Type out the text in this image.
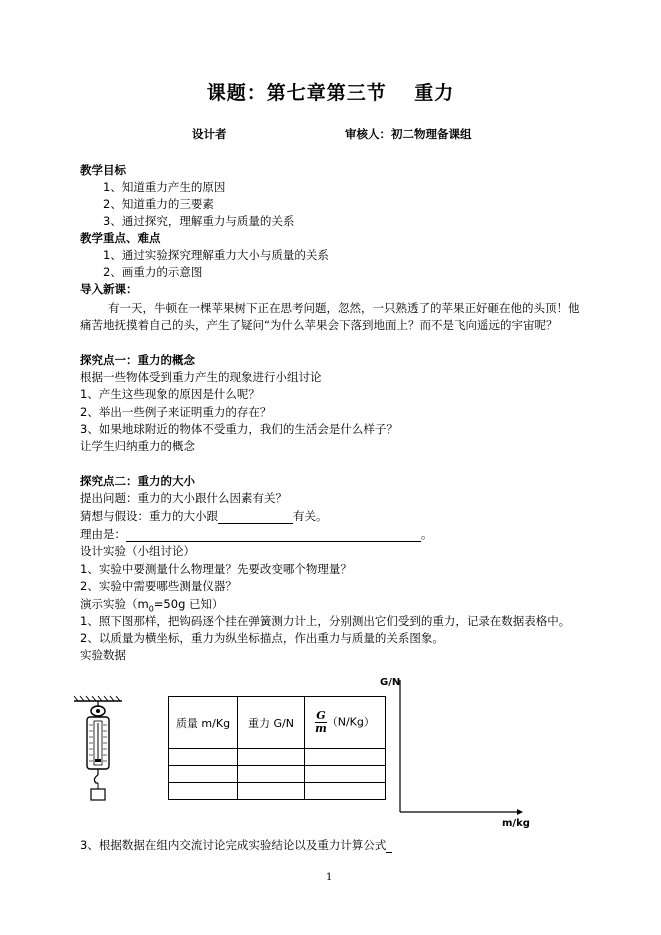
课题：第七章第三节　 重力
设计者	审核人：初二物理备课组
教学目标
1、知道重力产生的原因
2、知道重力的三要素
3、通过探究，理解重力与质量的关系
教学重点、难点
1、通过实验探究理解重力大小与质量的关系
2、画重力的示意图
导入新课：
有一天，牛顿在一棵苹果树下正在思考问题，忽然，一只熟透了的苹果正好砸在他的头顶！他
痛苦地抚摸着自己的头，产生了疑问“为什么苹果会下落到地面上？而不是飞向遥远的宇宙呢？
探究点一：重力的概念
根据一些物体受到重力产生的现象进行小组讨论
1、产生这些现象的原因是什么呢？
2、举出一些例子来证明重力的存在？
3、如果地球附近的物体不受重力，我们的生活会是什么样子？
让学生归纳重力的概念
探究点二：重力的大小
提出问题：重力的大小跟什么因素有关？
猜想与假设：重力的大小跟	有关。
理由是：	。
设计实验（小组讨论）
1、实验中要测量什么物理量？先要改变哪个物理量？
2、实验中需要哪些测量仪器？
演示实验（$m_0=50g$ 已知）
1、照下图那样，把钩码逐个挂在弹簧测力计上，分别测出它们受到的重力，记录在数据表格中。
2、以质量为横坐标，重力为纵坐标描点，作出重力与质量的关系图象。
实验数据
质量 m/Kg	重力 G/N	$\frac{G}{m} (N/Kg)$

G/N
m/kg
3、根据数据在组内交流讨论完成实验结论以及重力计算公式
1
